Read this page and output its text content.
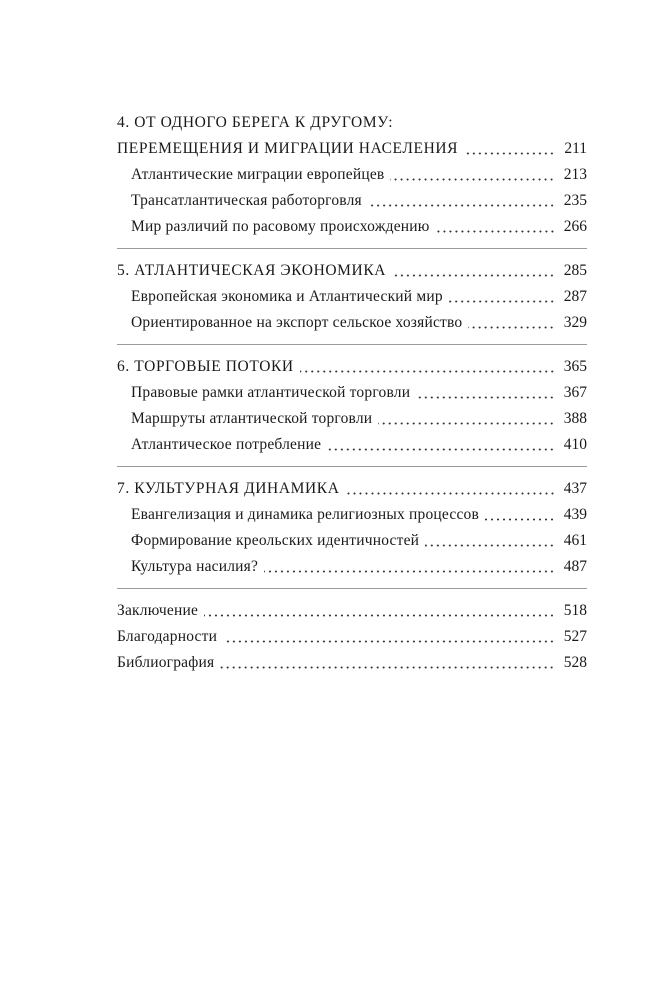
4. ОТ ОДНОГО БЕРЕГА К ДРУГОМУ:
ПЕРЕМЕЩЕНИЯ И МИГРАЦИИ НАСЕЛЕНИЯ	211
Атлантические миграции европейцев	213
Трансатлантическая работорговля	235
Мир различий по расовому происхождению	266
5. АТЛАНТИЧЕСКАЯ ЭКОНОМИКА	285
Европейская экономика и Атлантический мир	287
Ориентированное на экспорт сельское хозяйство	329
6. ТОРГОВЫЕ ПОТОКИ	365
Правовые рамки атлантической торговли	367
Маршруты атлантической торговли	388
Атлантическое потребление	410
7. КУЛЬТУРНАЯ ДИНАМИКА	437
Евангелизация и динамика религиозных процессов	439
Формирование креольских идентичностей	461
Культура насилия?	487
Заключение	518
Благодарности	527
Библиография	528
